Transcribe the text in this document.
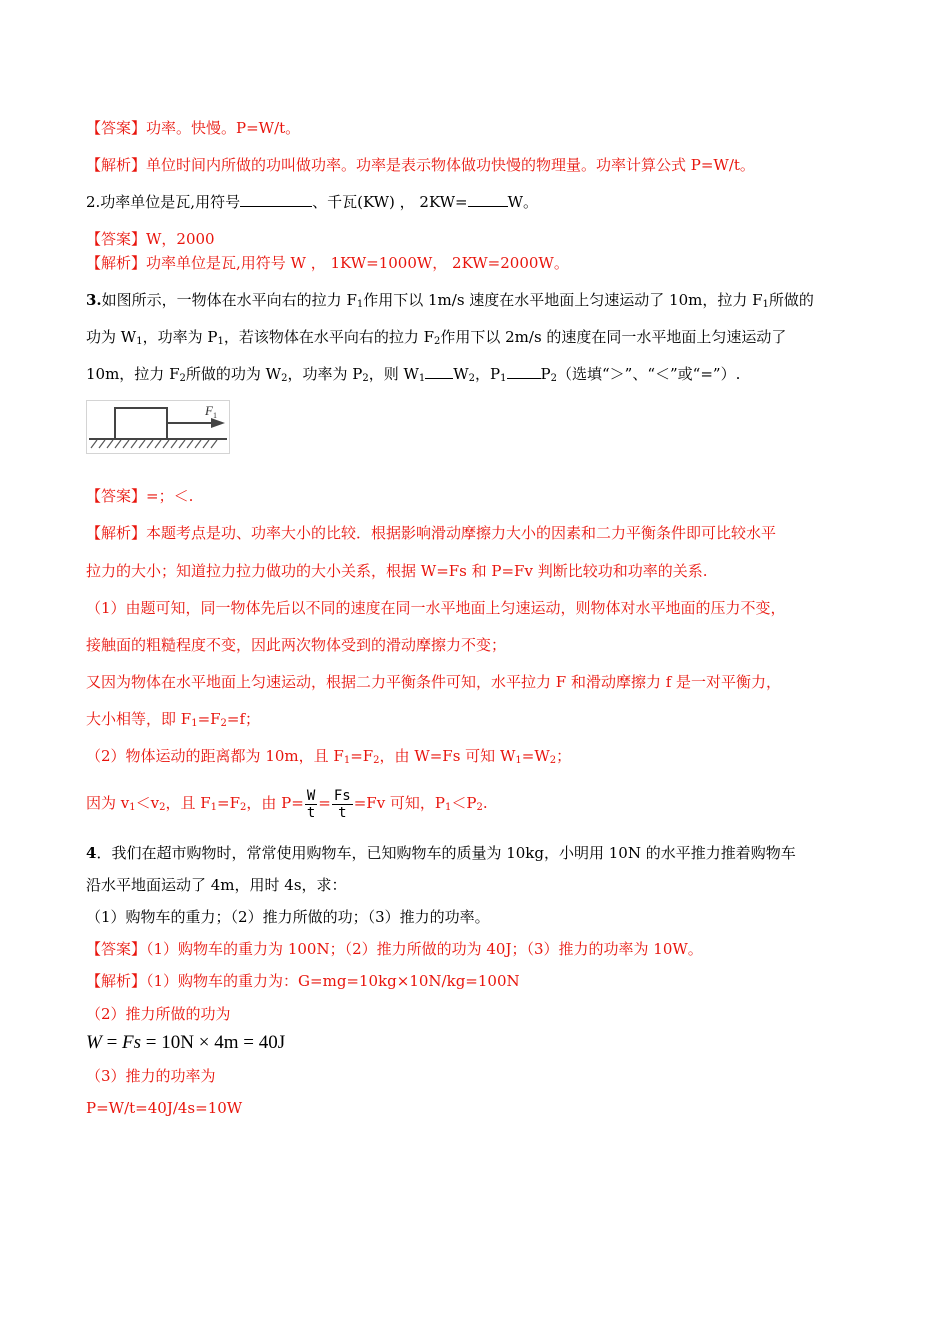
【答案】功率。快慢。P=W/t。
【解析】单位时间内所做的功叫做功率。功率是表示物体做功快慢的物理量。功率计算公式 P=W/t。
2.功率单位是瓦,用符号	、千瓦(KW) ， 2KW=	W。
【答案】W，2000
【解析】功率单位是瓦,用符号 W ， 1KW=1000W， 2KW=2000W。
3.如图所示，一物体在水平向右的拉力 $F_1$作用下以 1m/s 速度在水平地面上匀速运动了 10m，拉力 $F_1$所做的
功为 $W_1$，功率为 $P_1$，若该物体在水平向右的拉力 $F_2$作用下以 2m/s 的速度在同一水平地面上匀速运动了
10m，拉力 $F_2$所做的功为 $W_2$，功率为 $P_2$，则 $W_1$ $W_2$，$P_1$ $P_2$（选填“＞”、“＜”或“=”）.
F 1
【答案】=；＜.
【解析】本题考点是功、功率大小的比较．根据影响滑动摩擦力大小的因素和二力平衡条件即可比较水平
拉力的大小；知道拉力拉力做功的大小关系，根据 W=Fs 和 P=Fv 判断比较功和功率的关系.
（1）由题可知，同一物体先后以不同的速度在同一水平地面上匀速运动，则物体对水平地面的压力不变，
接触面的粗糙程度不变，因此两次物体受到的滑动摩擦力不变；
又因为物体在水平地面上匀速运动，根据二力平衡条件可知，水平拉力 F 和滑动摩擦力 f 是一对平衡力，
大小相等，即 $F_1=F_2=f$；
（2）物体运动的距离都为 10m，且 $F_1=F_2$，由 W=Fs 可知 $W_1=W_2$；
因为 $v_1<v_2$，且 $F_1=F_2$，由 $P= \frac{W}{t} = \frac{Fs}{t} =Fv$ 可知，$P_1<P_2$.
4．我们在超市购物时，常常使用购物车，已知购物车的质量为 10kg，小明用 10N 的水平推力推着购物车
沿水平地面运动了 4m，用时 4s，求：
（1）购物车的重力；（2）推力所做的功；（3）推力的功率。
【答案】（1）购物车的重力为 100N；（2）推力所做的功为 40J；（3）推力的功率为 10W。
【解析】（1）购物车的重力为：G=mg=10kg×10N/kg=100N
（2）推力所做的功为
W = Fs = 10N × 4m = 40J
（3）推力的功率为
P=W/t=40J/4s=10W
